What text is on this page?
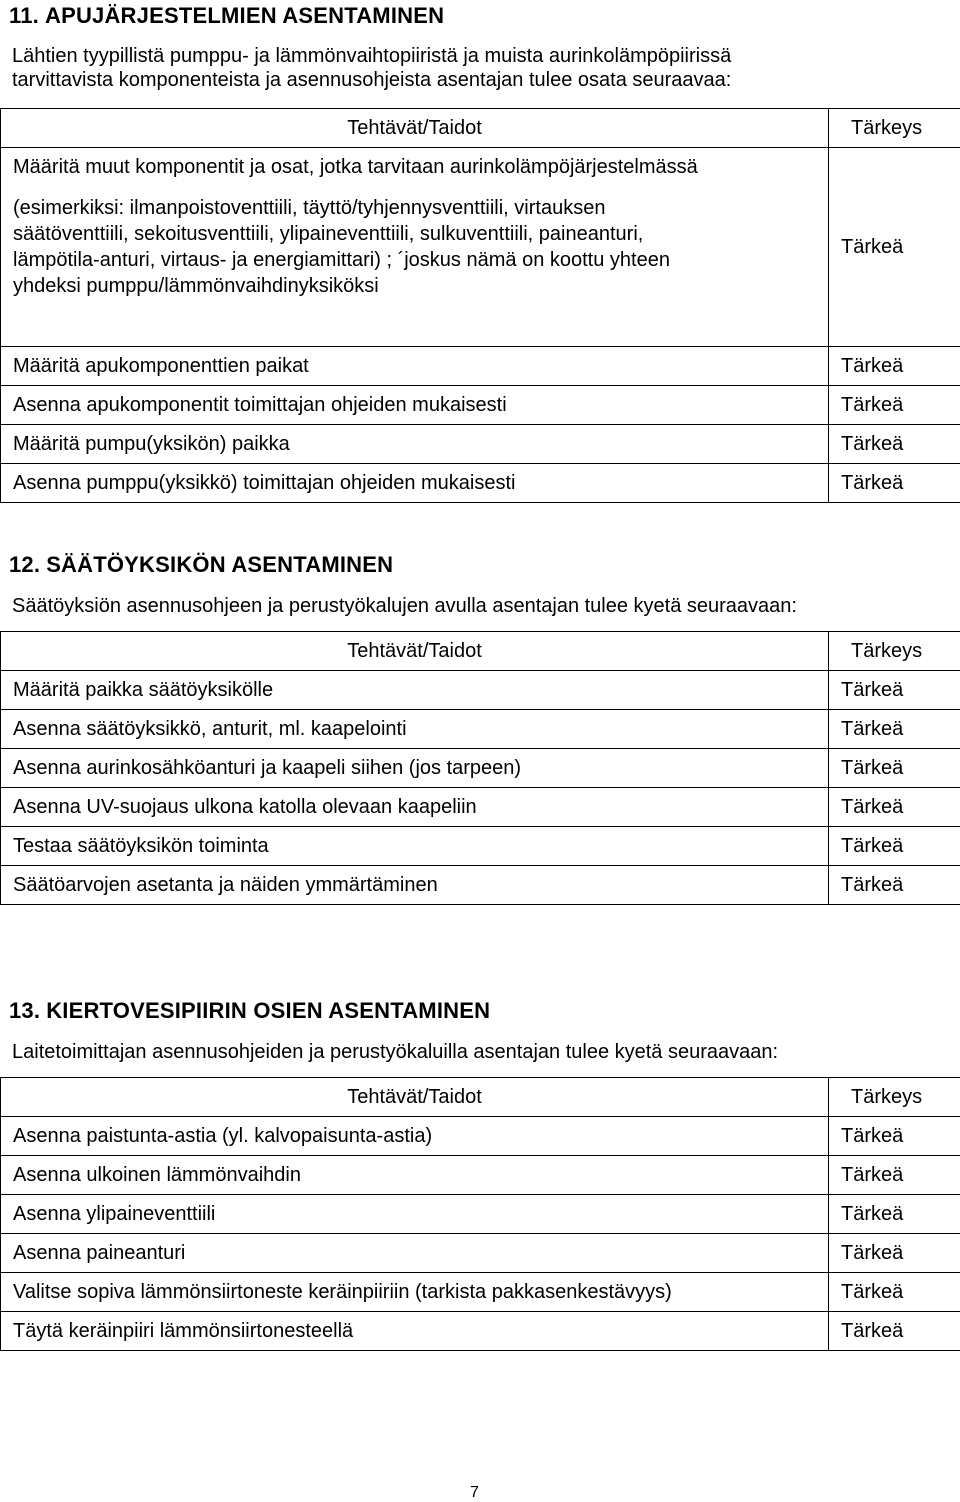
11. APUJÄRJESTELMIEN ASENTAMINEN
Lähtien tyypillistä pumppu- ja lämmönvaihtopiiristä ja muista aurinkolämpöpiirissä
tarvittavista komponenteista ja asennusohjeista asentajan tulee osata seuraavaa:
Tehtävät/Taidot	Tärkeys

Määritä muut komponentit ja osat, jotka tarvitaan aurinkolämpöjärjestelmässä

(esimerkiksi: ilmanpoistoventtiili, täyttö/tyhjennysventtiili, virtauksen

säätöventtiili, sekoitusventtiili, ylipaineventtiili, sulkuventtiili, paineanturi,

lämpötila-anturi, virtaus- ja energiamittari) ; ´joskus nämä on koottu yhteen

yhdeksi pumppu/lämmönvaihdinyksiköksi	Tärkeä
Määritä apukomponenttien paikat	Tärkeä
Asenna apukomponentit toimittajan ohjeiden mukaisesti	Tärkeä
Määritä pumpu(yksikön) paikka	Tärkeä
Asenna pumppu(yksikkö) toimittajan ohjeiden mukaisesti	Tärkeä
12. SÄÄTÖYKSIKÖN ASENTAMINEN
Säätöyksiön asennusohjeen ja perustyökalujen avulla asentajan tulee kyetä seuraavaan:
Tehtävät/Taidot	Tärkeys
Määritä paikka säätöyksikölle	Tärkeä
Asenna säätöyksikkö, anturit, ml. kaapelointi	Tärkeä
Asenna aurinkosähköanturi ja kaapeli siihen (jos tarpeen)	Tärkeä
Asenna UV-suojaus ulkona katolla olevaan kaapeliin	Tärkeä
Testaa säätöyksikön toiminta	Tärkeä
Säätöarvojen asetanta ja näiden ymmärtäminen	Tärkeä
13. KIERTOVESIPIIRIN OSIEN ASENTAMINEN
Laitetoimittajan asennusohjeiden ja perustyökaluilla asentajan tulee kyetä seuraavaan:
Tehtävät/Taidot	Tärkeys
Asenna paistunta-astia (yl. kalvopaisunta-astia)	Tärkeä
Asenna ulkoinen lämmönvaihdin	Tärkeä
Asenna ylipaineventtiili	Tärkeä
Asenna paineanturi	Tärkeä
Valitse sopiva lämmönsiirtoneste keräinpiiriin (tarkista pakkasenkestävyys)	Tärkeä
Täytä keräinpiiri lämmönsiirtonesteellä	Tärkeä
7
